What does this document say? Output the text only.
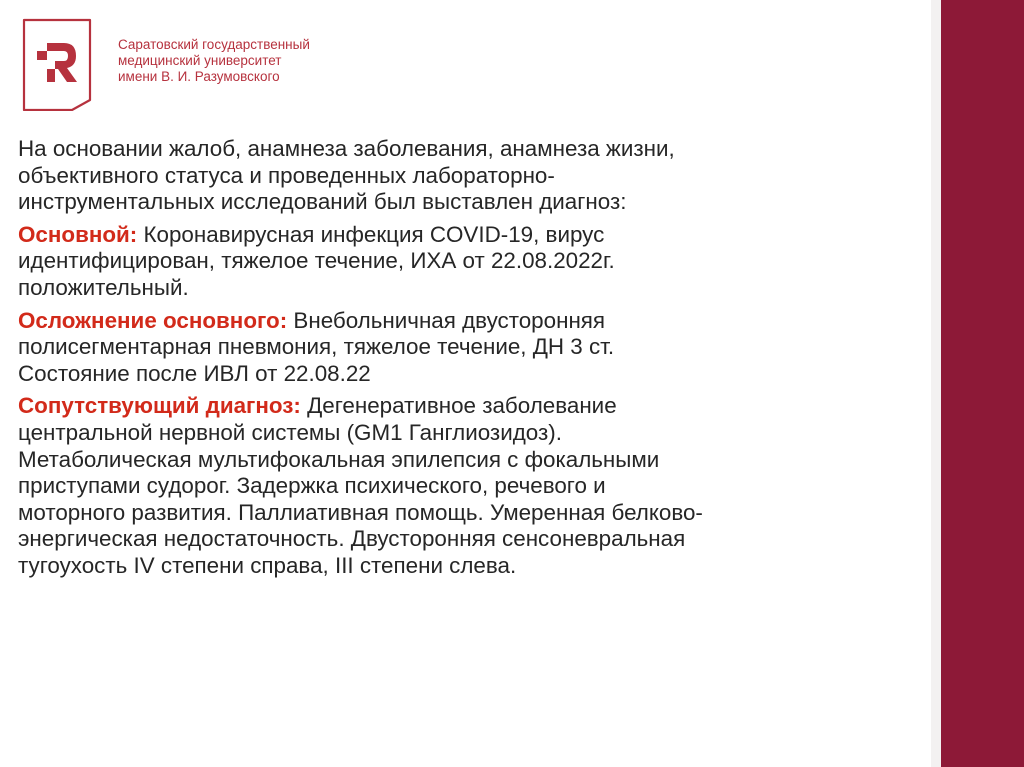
Саратовский государственный
медицинский университет
имени В. И. Разумовского
На основании жалоб, анамнеза заболевания, анамнеза жизни,
объективного статуса и проведенных лабораторно-
инструментальных исследований был выставлен диагноз:
Основной: Коронавирусная инфекция COVID-19, вирус
идентифицирован, тяжелое течение, ИХА от 22.08.2022г.
положительный.
Осложнение основного: Внебольничная двусторонняя
полисегментарная пневмония, тяжелое течение, ДН 3 ст.
Состояние после ИВЛ от 22.08.22
Сопутствующий диагноз: Дегенеративное заболевание
центральной нервной системы (GM1 Ганглиозидоз).
Метаболическая мультифокальная эпилепсия с фокальными
приступами судорог. Задержка психического, речевого и
моторного развития. Паллиативная помощь. Умеренная белково-
энергическая недостаточность. Двусторонняя сенсоневральная
тугоухость IV степени справа, III степени слева.
